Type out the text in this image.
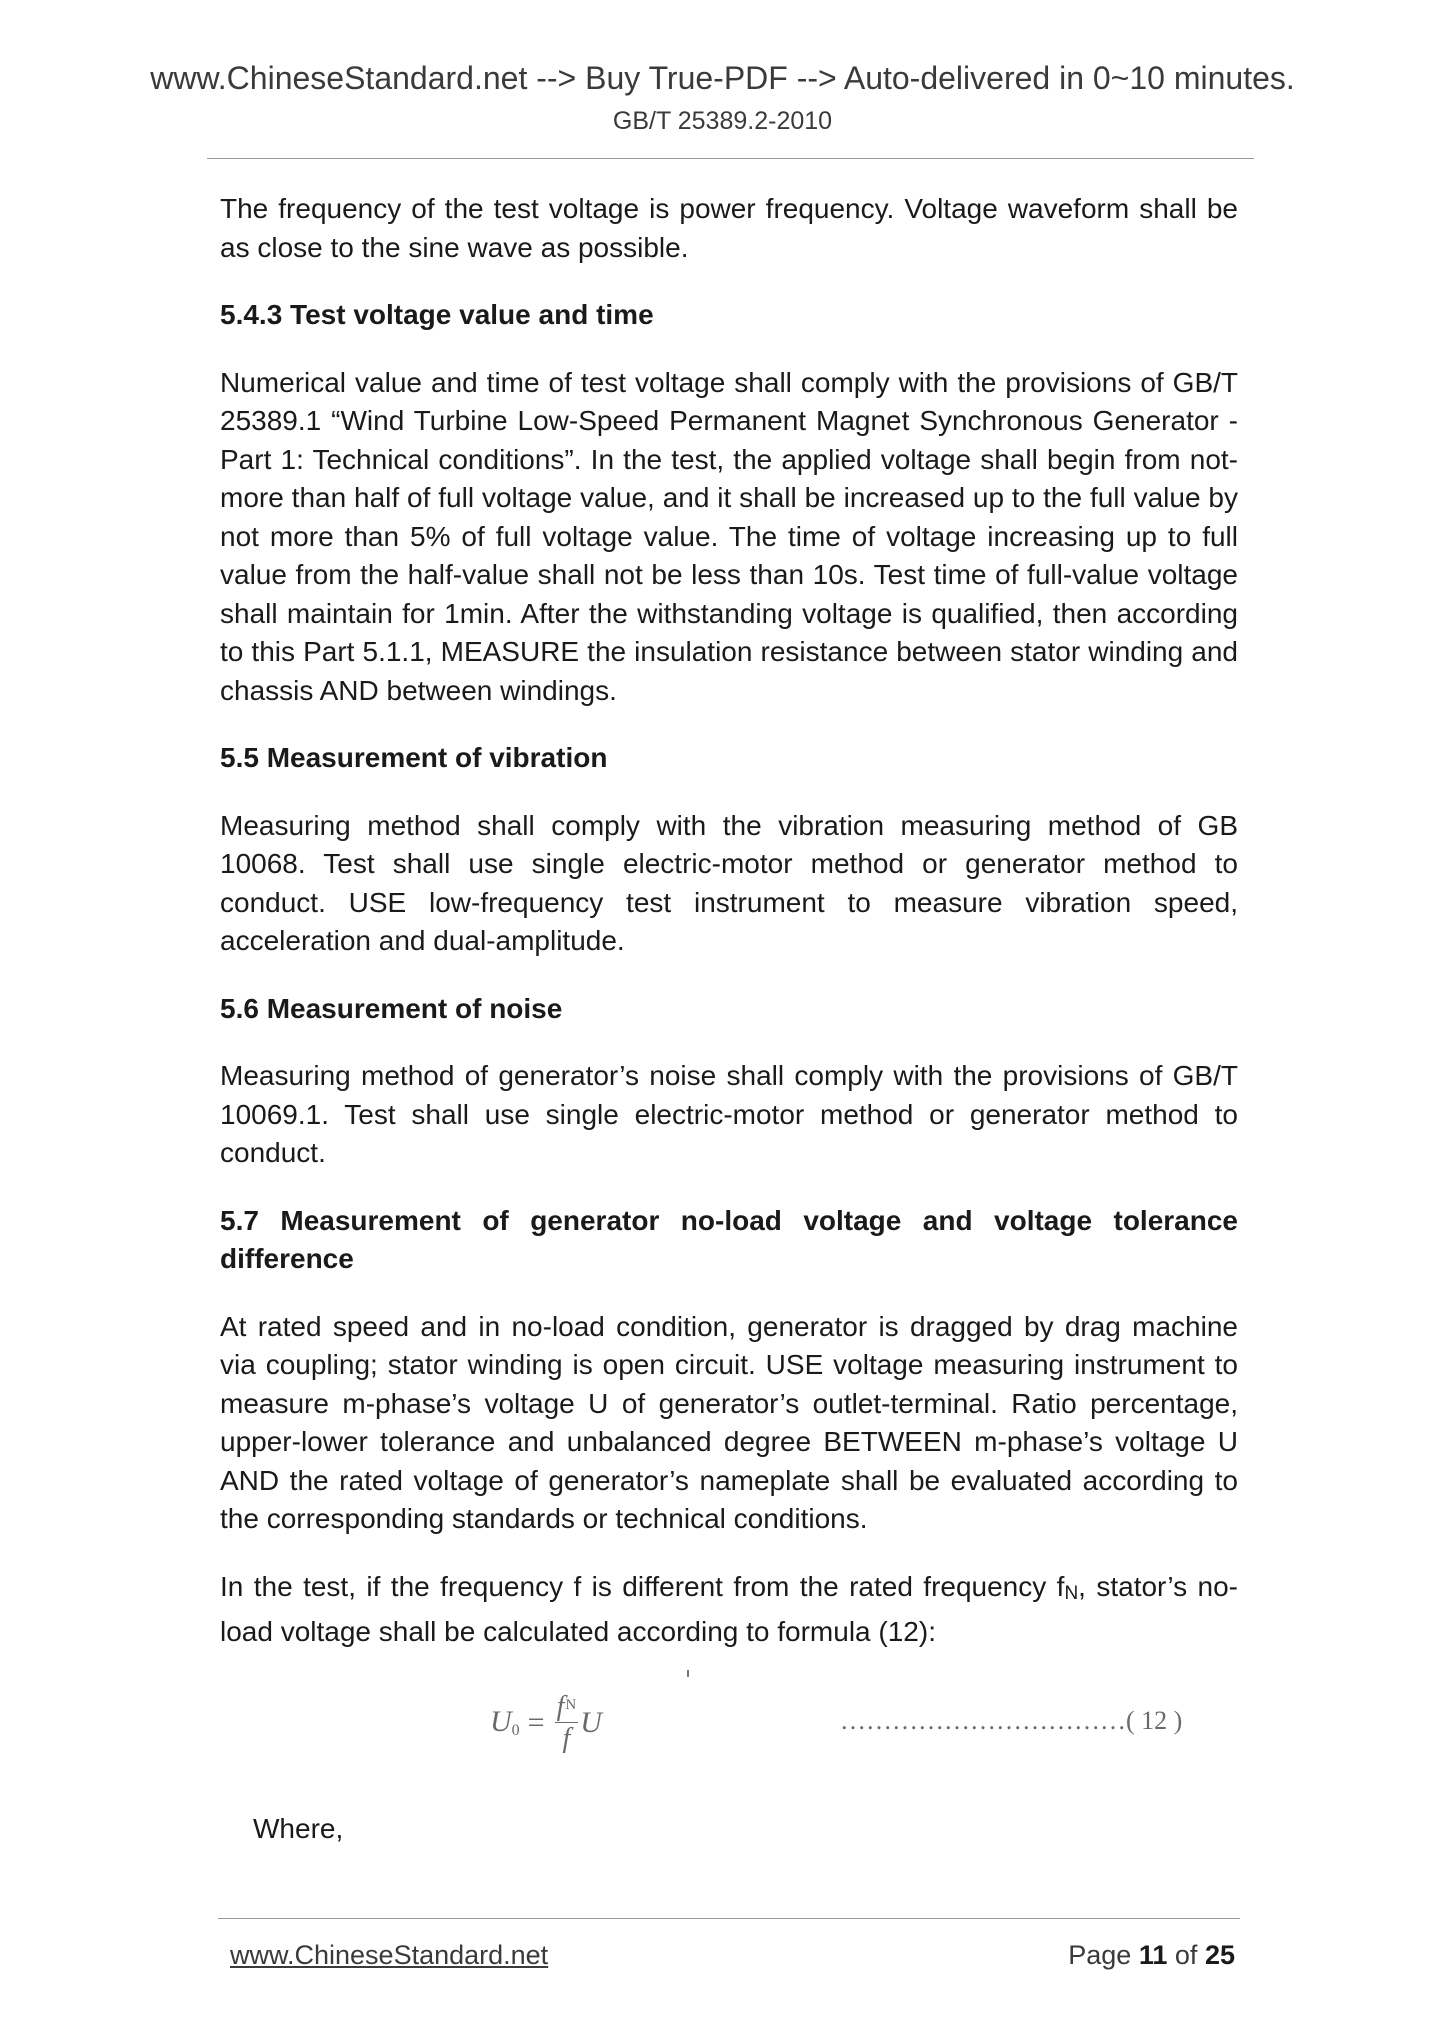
www.ChineseStandard.net --> Buy True-PDF --> Auto-delivered in 0~10 minutes.
GB/T 25389.2-2010

The frequency of the test voltage is power frequency. Voltage waveform shall be as close to the sine wave as possible.

5.4.3 Test voltage value and time

Numerical value and time of test voltage shall comply with the provisions of GB/T 25389.1 “Wind Turbine Low-Speed Permanent Magnet Synchronous Generator - Part 1: Technical conditions”. In the test, the applied voltage shall begin from not-more than half of full voltage value, and it shall be increased up to the full value by not more than 5% of full voltage value. The time of voltage increasing up to full value from the half-value shall not be less than 10s. Test time of full-value voltage shall maintain for 1min. After the withstanding voltage is qualified, then according to this Part 5.1.1, MEASURE the insulation resistance between stator winding and chassis AND between windings.

5.5 Measurement of vibration

Measuring method shall comply with the vibration measuring method of GB 10068. Test shall use single electric-motor method or generator method to conduct. USE low-frequency test instrument to measure vibration speed, acceleration and dual-amplitude.

5.6 Measurement of noise

Measuring method of generator’s noise shall comply with the provisions of GB/T 10069.1. Test shall use single electric-motor method or generator method to conduct.

5.7 Measurement of generator no-load voltage and voltage tolerance difference

At rated speed and in no-load condition, generator is dragged by drag machine via coupling; stator winding is open circuit. USE voltage measuring instrument to measure m-phase’s voltage U of generator’s outlet-terminal. Ratio percentage, upper-lower tolerance and unbalanced degree BETWEEN m-phase’s voltage U AND the rated voltage of generator’s nameplate shall be evaluated according to the corresponding standards or technical conditions.

In the test, if the frequency f is different from the rated frequency fN, stator’s no-load voltage shall be calculated according to formula (12):

$U0 = \frac{f^N}{f}$ U	……………………………( 12 )
Where,
www.ChineseStandard.net	Page 11 of 25
